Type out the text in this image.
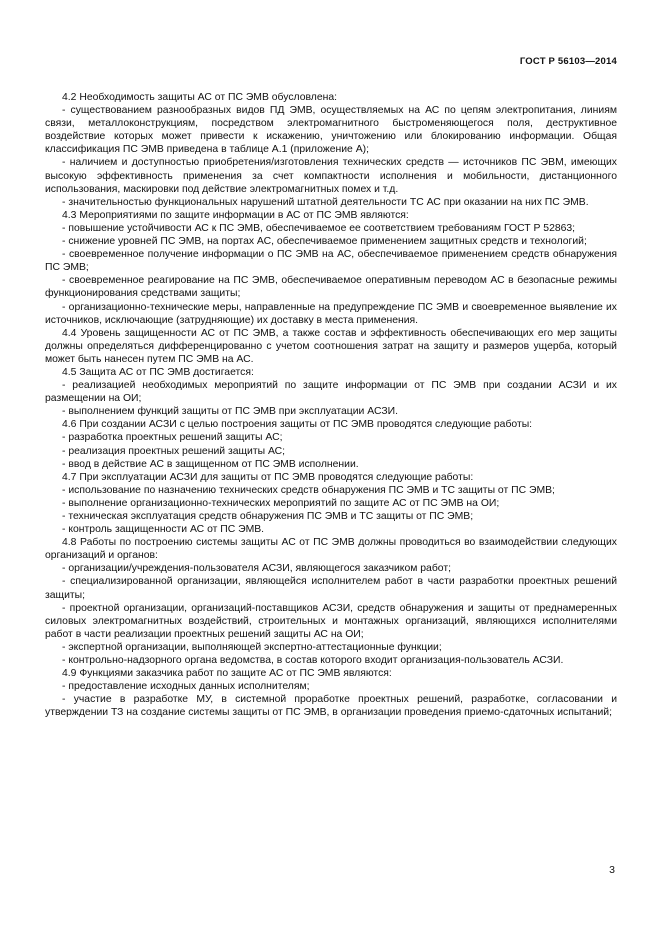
ГОСТ Р 56103—2014

4.2 Необходимость защиты АС от ПС ЭМВ обусловлена:

- существованием разнообразных видов ПД ЭМВ, осуществляемых на АС по цепям электропитания, линиям связи, металлоконструкциям, посредством электромагнитного быстроменяющегося поля, деструктивное воздействие которых может привести к искажению, уничтожению или блокированию информации. Общая классификация ПС ЭМВ приведена в таблице А.1 (приложение А);

- наличием и доступностью приобретения/изготовления технических средств — источников ПС ЭВМ, имеющих высокую эффективность применения за счет компактности исполнения и мобильности, дистанционного использования, маскировки под действие электромагнитных помех и т.д.

- значительностью функциональных нарушений штатной деятельности ТС АС при оказании на них ПС ЭМВ.

4.3 Мероприятиями по защите информации в АС от ПС ЭМВ являются:

- повышение устойчивости АС к ПС ЭМВ, обеспечиваемое ее соответствием требованиям ГОСТ Р 52863;

- снижение уровней ПС ЭМВ, на портах АС, обеспечиваемое применением защитных средств и технологий;

- своевременное получение информации о ПС ЭМВ на АС, обеспечиваемое применением средств обнаружения ПС ЭМВ;

- своевременное реагирование на ПС ЭМВ, обеспечиваемое оперативным переводом АС в безопасные режимы функционирования средствами защиты;

- организационно-технические меры, направленные на предупреждение ПС ЭМВ и своевременное выявление их источников, исключающие (затрудняющие) их доставку в места применения.

4.4 Уровень защищенности АС от ПС ЭМВ, а также состав и эффективность обеспечивающих его мер защиты должны определяться дифференцированно с учетом соотношения затрат на защиту и размеров ущерба, который может быть нанесен путем ПС ЭМВ на АС.

4.5 Защита АС от ПС ЭМВ достигается:

- реализацией необходимых мероприятий по защите информации от ПС ЭМВ при создании АСЗИ и их размещении на ОИ;

- выполнением функций защиты от ПС ЭМВ при эксплуатации АСЗИ.

4.6 При создании АСЗИ с целью построения защиты от ПС ЭМВ проводятся следующие работы:

- разработка проектных решений защиты АС;

- реализация проектных решений защиты АС;

- ввод в действие АС в защищенном от ПС ЭМВ исполнении.

4.7 При эксплуатации АСЗИ для защиты от ПС ЭМВ проводятся следующие работы:

- использование по назначению технических средств обнаружения ПС ЭМВ и ТС защиты от ПС ЭМВ;

- выполнение организационно-технических мероприятий по защите АС от ПС ЭМВ на ОИ;

- техническая эксплуатация средств обнаружения ПС ЭМВ и ТС защиты от ПС ЭМВ;

- контроль защищенности АС от ПС ЭМВ.

4.8 Работы по построению системы защиты АС от ПС ЭМВ должны проводиться во взаимодействии следующих организаций и органов:

- организации/учреждения-пользователя АСЗИ, являющегося заказчиком работ;

- специализированной организации, являющейся исполнителем работ в части разработки проектных решений защиты;

- проектной организации, организаций-поставщиков АСЗИ, средств обнаружения и защиты от преднамеренных силовых электромагнитных воздействий, строительных и монтажных организаций, являющихся исполнителями работ в части реализации проектных решений защиты АС на ОИ;

- экспертной организации, выполняющей экспертно-аттестационные функции;

- контрольно-надзорного органа ведомства, в состав которого входит организация-пользователь АСЗИ.

4.9 Функциями заказчика работ по защите АС от ПС ЭМВ являются:

- предоставление исходных данных исполнителям;

- участие в разработке МУ, в системной проработке проектных решений, разработке, согласовании и утверждении ТЗ на создание системы защиты от ПС ЭМВ, в организации проведения приемо-сдаточных испытаний;

3
